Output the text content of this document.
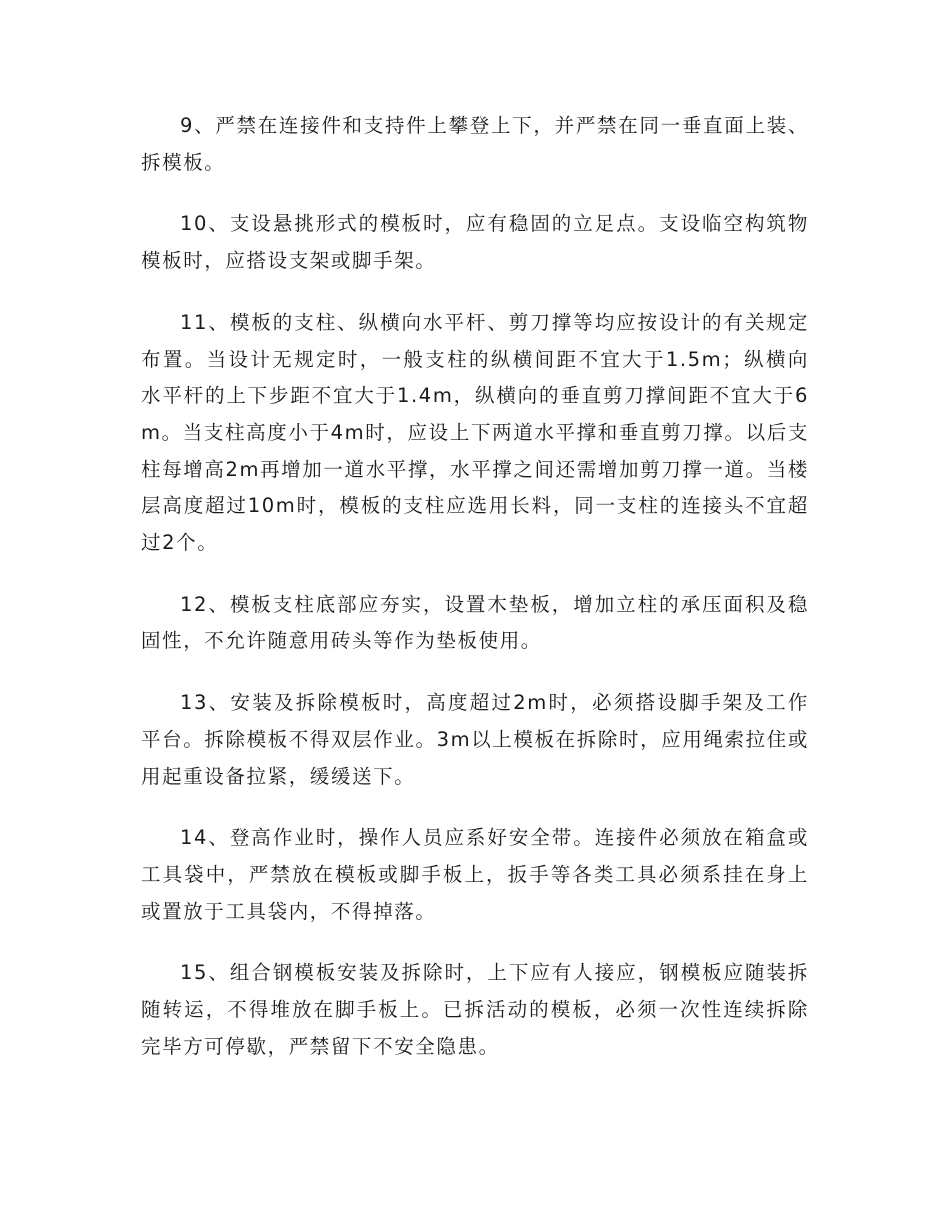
9、严禁在连接件和支持件上攀登上下，并严禁在同一垂直面上装、拆模板。

10、支设悬挑形式的模板时，应有稳固的立足点。支设临空构筑物模板时，应搭设支架或脚手架。

11、模板的支柱、纵横向水平杆、剪刀撑等均应按设计的有关规定布置。当设计无规定时，一般支柱的纵横间距不宜大于1.5m；纵横向水平杆的上下步距不宜大于1.4m，纵横向的垂直剪刀撑间距不宜大于6m。当支柱高度小于4m时，应设上下两道水平撑和垂直剪刀撑。以后支柱每增高2m再增加一道水平撑，水平撑之间还需增加剪刀撑一道。当楼层高度超过10m时，模板的支柱应选用长料，同一支柱的连接头不宜超过2个。

12、模板支柱底部应夯实，设置木垫板，增加立柱的承压面积及稳固性，不允许随意用砖头等作为垫板使用。

13、安装及拆除模板时，高度超过2m时，必须搭设脚手架及工作平台。拆除模板不得双层作业。3m以上模板在拆除时，应用绳索拉住或用起重设备拉紧，缓缓送下。

14、登高作业时，操作人员应系好安全带。连接件必须放在箱盒或工具袋中，严禁放在模板或脚手板上，扳手等各类工具必须系挂在身上或置放于工具袋内，不得掉落。

15、组合钢模板安装及拆除时，上下应有人接应，钢模板应随装拆随转运，不得堆放在脚手板上。已拆活动的模板，必须一次性连续拆除完毕方可停歇，严禁留下不安全隐患。
